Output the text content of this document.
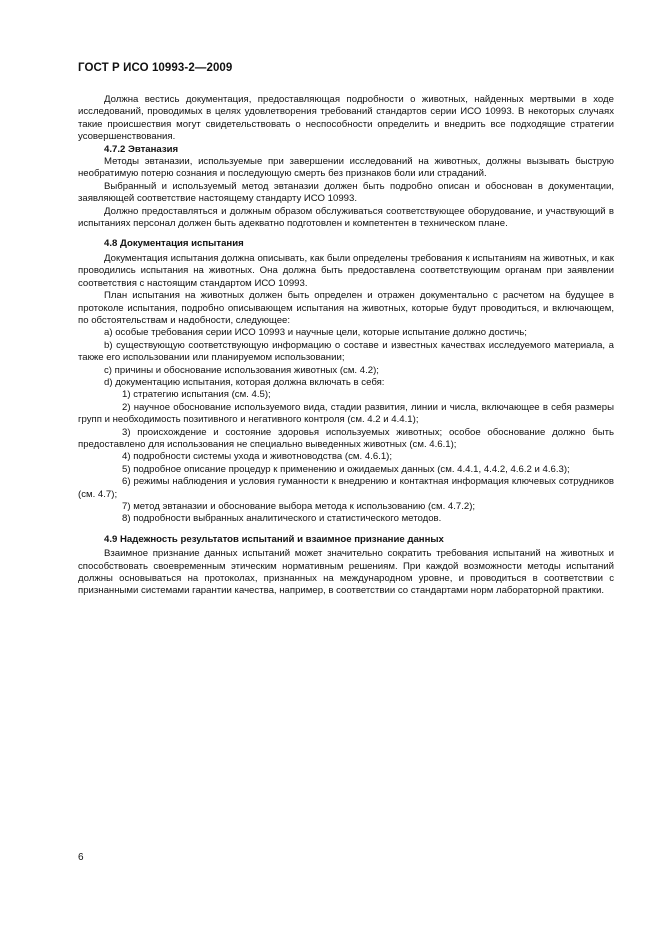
ГОСТ Р ИСО 10993-2—2009

Должна вестись документация, предоставляющая подробности о животных, найденных мертвыми в ходе исследований, проводимых в целях удовлетворения требований стандартов серии ИСО 10993. В некоторых случаях такие происшествия могут свидетельствовать о неспособности определить и внедрить все подходящие стратегии усовершенствования.

4.7.2 Эвтаназия

Методы эвтаназии, используемые при завершении исследований на животных, должны вызывать быструю необратимую потерю сознания и последующую смерть без признаков боли или страданий.

Выбранный и используемый метод эвтаназии должен быть подробно описан и обоснован в документации, заявляющей соответствие настоящему стандарту ИСО 10993.

Должно предоставляться и должным образом обслуживаться соответствующее оборудование, и участвующий в испытаниях персонал должен быть адекватно подготовлен и компетентен в техническом плане.

4.8 Документация испытания

Документация испытания должна описывать, как были определены требования к испытаниям на животных, и как проводились испытания на животных. Она должна быть предоставлена соответствующим органам при заявлении соответствия с настоящим стандартом ИСО 10993.

План испытания на животных должен быть определен и отражен документально с расчетом на будущее в протоколе испытания, подробно описывающем испытания на животных, которые будут проводиться, и включающем, по обстоятельствам и надобности, следующее:

a) особые требования серии ИСО 10993 и научные цели, которые испытание должно достичь;

b) существующую соответствующую информацию о составе и известных качествах исследуемого материала, а также его использовании или планируемом использовании;

c) причины и обоснование использования животных (см. 4.2);

d) документацию испытания, которая должна включать в себя:

1) стратегию испытания (см. 4.5);

2) научное обоснование используемого вида, стадии развития, линии и числа, включающее в себя размеры групп и необходимость позитивного и негативного контроля (см. 4.2 и 4.4.1);

3) происхождение и состояние здоровья используемых животных; особое обоснование должно быть предоставлено для использования не специально выведенных животных (см. 4.6.1);

4) подробности системы ухода и животноводства (см. 4.6.1);

5) подробное описание процедур к применению и ожидаемых данных (см. 4.4.1, 4.4.2, 4.6.2 и 4.6.3);

6) режимы наблюдения и условия гуманности к внедрению и контактная информация ключевых сотрудников (см. 4.7);

7) метод эвтаназии и обоснование выбора метода к использованию (см. 4.7.2);

8) подробности выбранных аналитического и статистического методов.

4.9 Надежность результатов испытаний и взаимное признание данных

Взаимное признание данных испытаний может значительно сократить требования испытаний на животных и способствовать своевременным этическим нормативным решениям. При каждой возможности методы испытаний должны основываться на протоколах, признанных на международном уровне, и проводиться в соответствии с признанными системами гарантии качества, например, в соответствии со стандартами норм лабораторной практики.

6
